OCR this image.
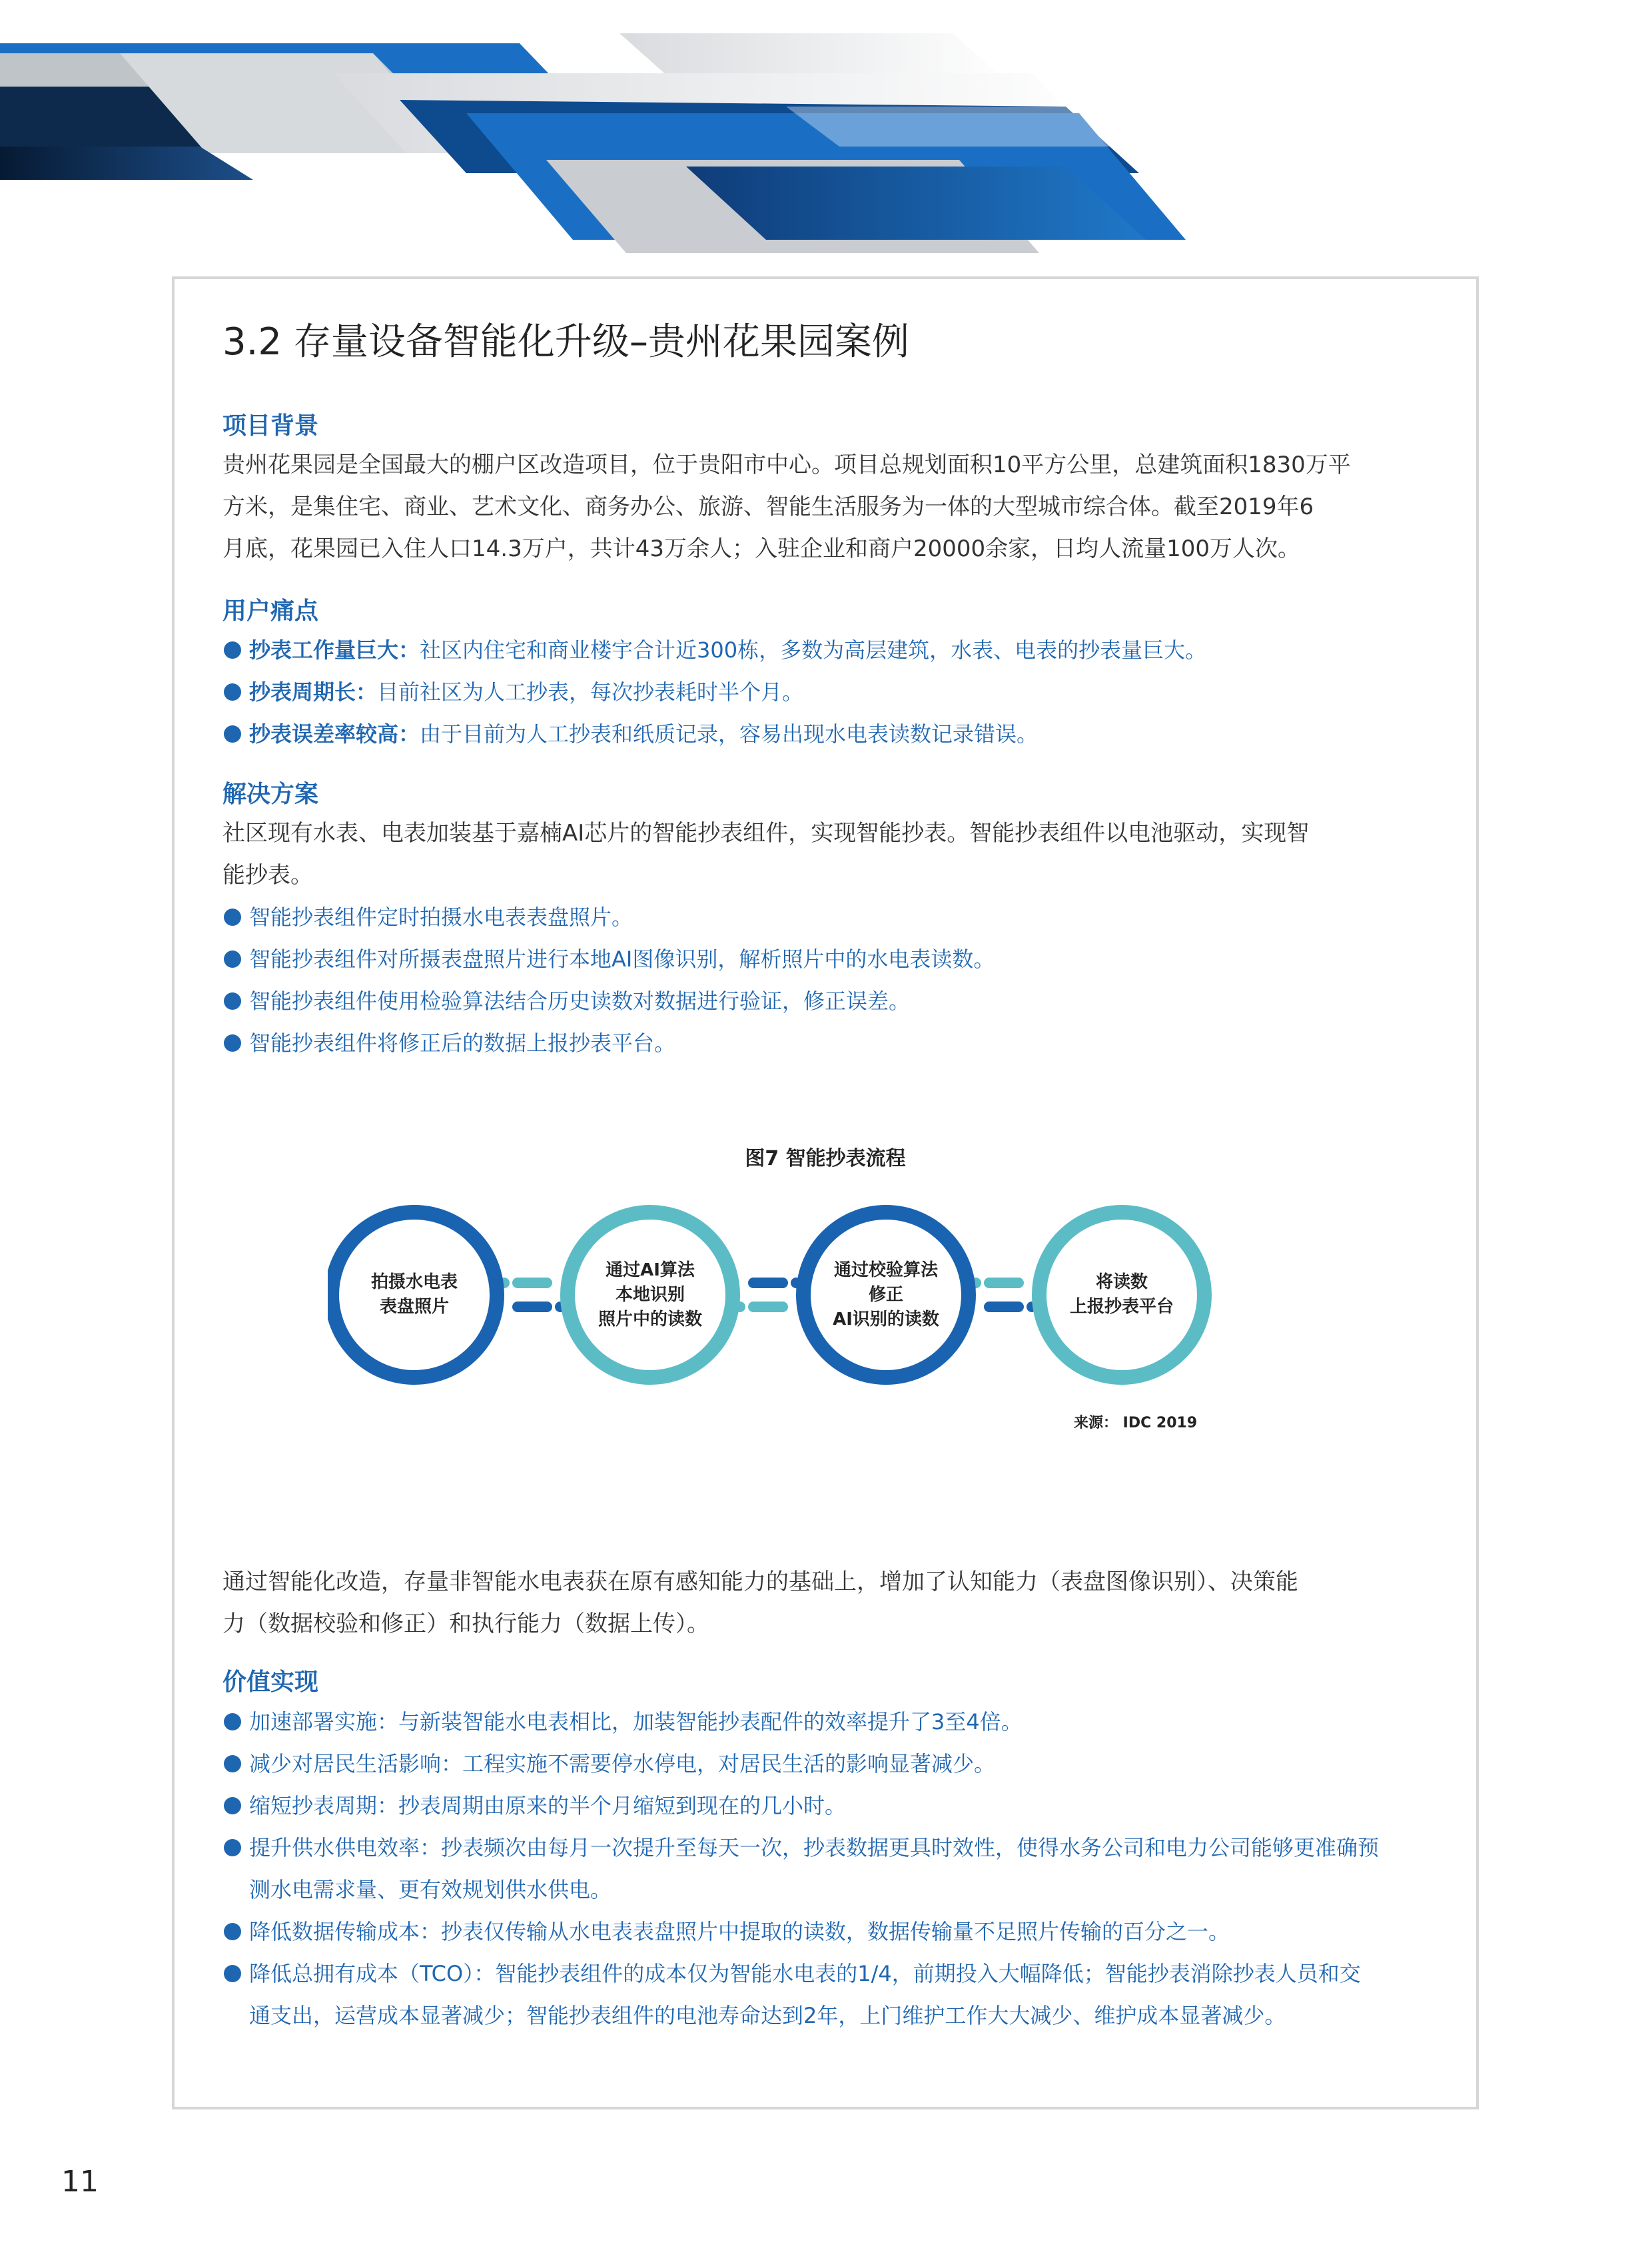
3.2 存量设备智能化升级–贵州花果园案例
项目背景

贵州花果园是全国最大的棚户区改造项目，位于贵阳市中心。项目总规划面积10平方公里，总建筑面积1830万平

方米，是集住宅、商业、艺术文化、商务办公、旅游、智能生活服务为一体的大型城市综合体。截至2019年6

月底，花果园已入住人口14.3万户，共计43万余人；入驻企业和商户20000余家，日均人流量100万人次。

用户痛点
抄表工作量巨大：社区内住宅和商业楼宇合计近300栋，多数为高层建筑，水表、电表的抄表量巨大。
抄表周期长：目前社区为人工抄表，每次抄表耗时半个月。
抄表误差率较高：由于目前为人工抄表和纸质记录，容易出现水电表读数记录错误。
解决方案

社区现有水表、电表加装基于嘉楠AI芯片的智能抄表组件，实现智能抄表。智能抄表组件以电池驱动，实现智

能抄表。

智能抄表组件定时拍摄水电表表盘照片。
智能抄表组件对所摄表盘照片进行本地AI图像识别，解析照片中的水电表读数。
智能抄表组件使用检验算法结合历史读数对数据进行验证，修正误差。
智能抄表组件将修正后的数据上报抄表平台。
图7 智能抄表流程
拍摄水电表
表盘照片
通过AI算法
本地识别
照片中的读数
通过校验算法
修正
AI识别的读数
将读数
上报抄表平台
来源： IDC 2019

通过智能化改造，存量非智能水电表获在原有感知能力的基础上，增加了认知能力（表盘图像识别）、决策能

力（数据校验和修正）和执行能力（数据上传）。

价值实现
加速部署实施：与新装智能水电表相比，加装智能抄表配件的效率提升了3至4倍。
减少对居民生活影响：工程实施不需要停水停电，对居民生活的影响显著减少。
缩短抄表周期：抄表周期由原来的半个月缩短到现在的几小时。
提升供水供电效率：抄表频次由每月一次提升至每天一次，抄表数据更具时效性，使得水务公司和电力公司能够更准确预
测水电需求量、更有效规划供水供电。
降低数据传输成本：抄表仅传输从水电表表盘照片中提取的读数，数据传输量不足照片传输的百分之一。
降低总拥有成本（TCO）：智能抄表组件的成本仅为智能水电表的1/4，前期投入大幅降低；智能抄表消除抄表人员和交
通支出，运营成本显著减少；智能抄表组件的电池寿命达到2年，上门维护工作大大减少、维护成本显著减少。
11
